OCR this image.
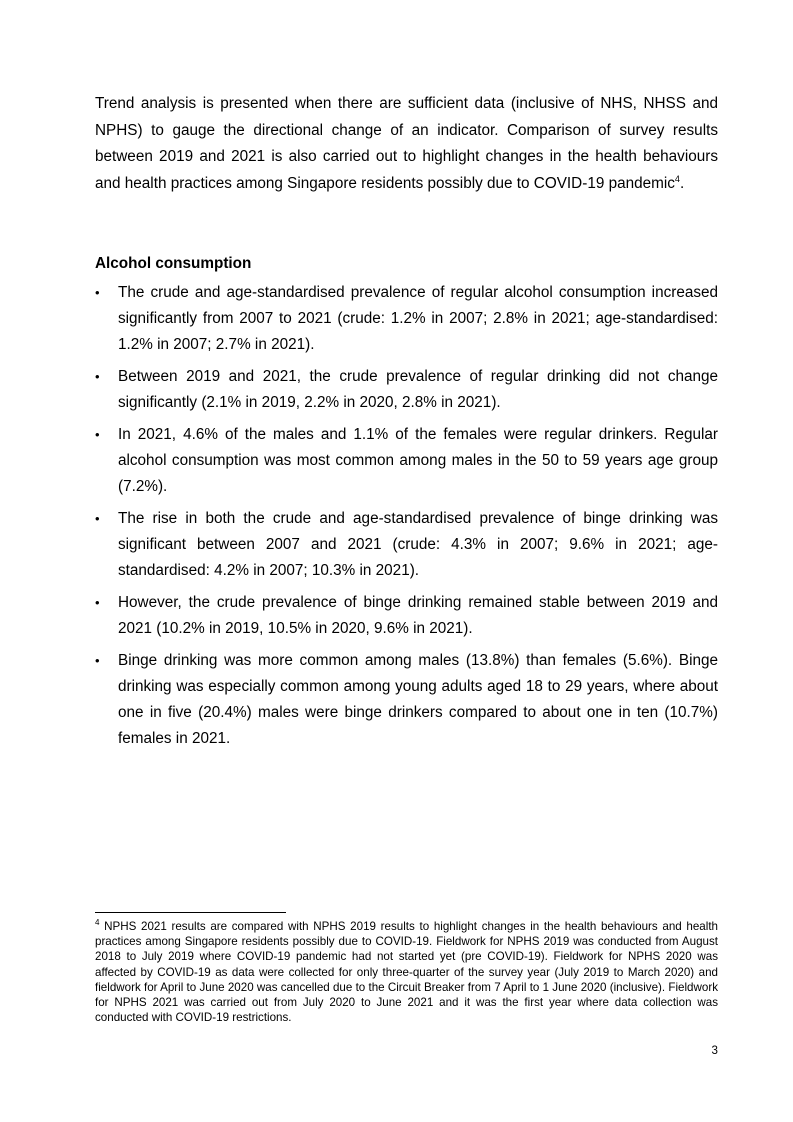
Trend analysis is presented when there are sufficient data (inclusive of NHS, NHSS and NPHS) to gauge the directional change of an indicator. Comparison of survey results between 2019 and 2021 is also carried out to highlight changes in the health behaviours and health practices among Singapore residents possibly due to COVID-19 pandemic$^4$.

Alcohol consumption
•	The crude and age-standardised prevalence of regular alcohol consumption increased significantly from 2007 to 2021 (crude: 1.2% in 2007; 2.8% in 2021; age-standardised: 1.2% in 2007; 2.7% in 2021).
•	Between 2019 and 2021, the crude prevalence of regular drinking did not change significantly (2.1% in 2019, 2.2% in 2020, 2.8% in 2021).
•	In 2021, 4.6% of the males and 1.1% of the females were regular drinkers. Regular alcohol consumption was most common among males in the 50 to 59 years age group (7.2%).
•	The rise in both the crude and age-standardised prevalence of binge drinking was significant between 2007 and 2021 (crude: 4.3% in 2007; 9.6% in 2021; age-standardised: 4.2% in 2007; 10.3% in 2021).
•	However, the crude prevalence of binge drinking remained stable between 2019 and 2021 (10.2% in 2019, 10.5% in 2020, 9.6% in 2021).
•	Binge drinking was more common among males (13.8%) than females (5.6%). Binge drinking was especially common among young adults aged 18 to 29 years, where about one in five (20.4%) males were binge drinkers compared to about one in ten (10.7%) females in 2021.

$^4$ NPHS 2021 results are compared with NPHS 2019 results to highlight changes in the health behaviours and health practices among Singapore residents possibly due to COVID-19. Fieldwork for NPHS 2019 was conducted from August 2018 to July 2019 where COVID-19 pandemic had not started yet (pre COVID-19). Fieldwork for NPHS 2020 was affected by COVID-19 as data were collected for only three-quarter of the survey year (July 2019 to March 2020) and fieldwork for April to June 2020 was cancelled due to the Circuit Breaker from 7 April to 1 June 2020 (inclusive). Fieldwork for NPHS 2021 was carried out from July 2020 to June 2021 and it was the first year where data collection was conducted with COVID-19 restrictions.

3
